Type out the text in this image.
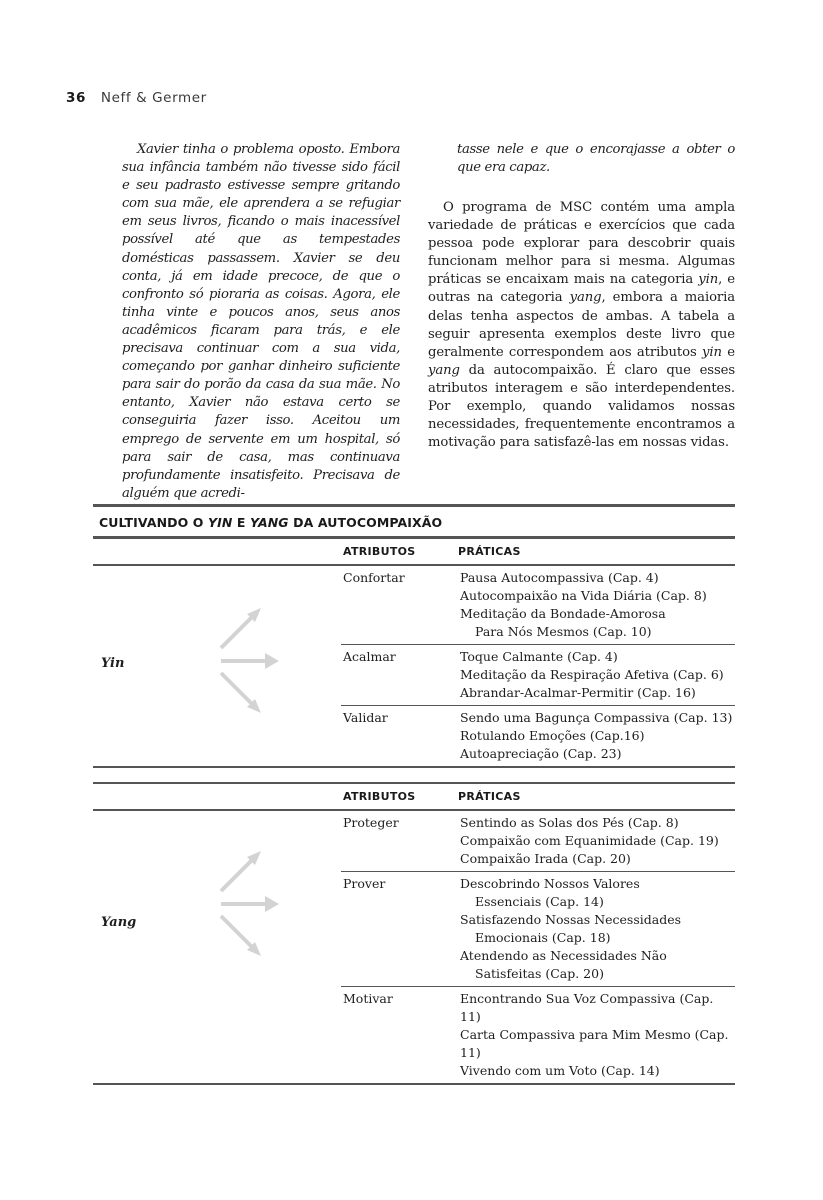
36 Neff & Germer

Xavier tinha o problema oposto. Embora sua infância também não tivesse sido fácil e seu padrasto estivesse sempre gritando com sua mãe, ele aprendera a se refugiar em seus livros, ficando o mais inacessível possível até que as tempestades domésticas passassem. Xavier se deu conta, já em idade precoce, de que o confronto só pioraria as coisas. Agora, ele tinha vinte e poucos anos, seus anos acadêmicos ficaram para trás, e ele precisava continuar com a sua vida, começando por ganhar dinheiro suficiente para sair do porão da casa da sua mãe. No entanto, Xavier não estava certo se conseguiria fazer isso. Aceitou um emprego de servente em um hospital, só para sair de casa, mas continuava profundamente insatisfeito. Precisava de alguém que acredi-

tasse nele e que o encorajasse a obter o que era capaz.

O programa de MSC contém uma ampla variedade de práticas e exercícios que cada pessoa pode explorar para descobrir quais funcionam melhor para si mesma. Algumas práticas se encaixam mais na categoria yin, e outras na categoria yang, embora a maioria delas tenha aspectos de ambas. A tabela a seguir apresenta exemplos deste livro que geralmente correspondem aos atributos yin e yang da autocompaixão. É claro que esses atributos interagem e são interdependentes. Por exemplo, quando validamos nossas necessidades, frequentemente encontramos a motivação para satisfazê-las em nossas vidas.

CULTIVANDO O YIN E YANG DA AUTOCOMPAIXÃO
ATRIBUTOS	PRÁTICAS
Yin
Confortar	Pausa Autocompassiva (Cap. 4)
Autocompaixão na Vida Diária (Cap. 8)
Meditação da Bondade-Amorosa
Para Nós Mesmos (Cap. 10)
Acalmar	Toque Calmante (Cap. 4)
Meditação da Respiração Afetiva (Cap. 6)
Abrandar-Acalmar-Permitir (Cap. 16)
Validar	Sendo uma Bagunça Compassiva (Cap. 13)
Rotulando Emoções (Cap.16)
Autoapreciação (Cap. 23)
ATRIBUTOS	PRÁTICAS
Yang
Proteger	Sentindo as Solas dos Pés (Cap. 8)
Compaixão com Equanimidade (Cap. 19)
Compaixão Irada (Cap. 20)
Prover	Descobrindo Nossos Valores
Essenciais (Cap. 14)
Satisfazendo Nossas Necessidades
Emocionais (Cap. 18)
Atendendo as Necessidades Não
Satisfeitas (Cap. 20)
Motivar	Encontrando Sua Voz Compassiva (Cap. 11)
Carta Compassiva para Mim Mesmo (Cap. 11)
Vivendo com um Voto (Cap. 14)
